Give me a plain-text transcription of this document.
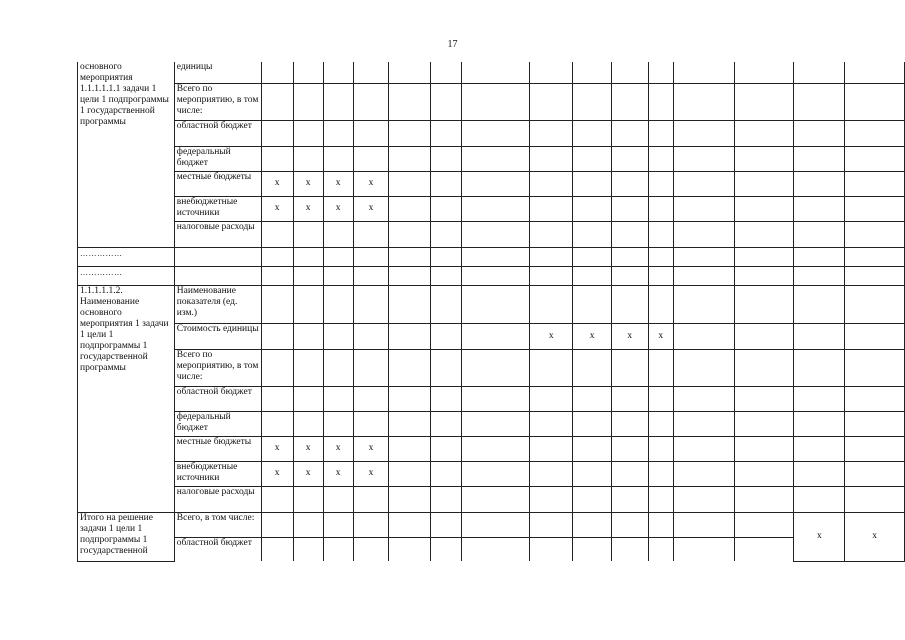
17
основного мероприятия 1.1.1.1.1.1 задачи 1 цели 1 подпрограммы 1 государственной программы	единицы															
	Всего по мероприятию, в том числе:															
	областной бюджет															
	федеральный бюджет															
	местные бюджеты	x	x	x	x											
	внебюджетные источники	x	x	x	x											
	налоговые расходы															
……………																
……………																
1.1.1.1.1.2. Наименование основного мероприятия 1 задачи 1 цели 1 подпрограммы 1 государственной программы	Наименование показателя (ед. изм.)															
	Стоимость единицы								x	x	x	x				
	Всего по мероприятию, в том числе:															
	областной бюджет															
	федеральный бюджет															
	местные бюджеты	x	x	x	x											
	внебюджетные источники	x	x	x	x											
	налоговые расходы															
Итого на решение задачи 1 цели 1 подпрограммы 1 государственной	Всего, в том числе:														x	x
	областной бюджет															
